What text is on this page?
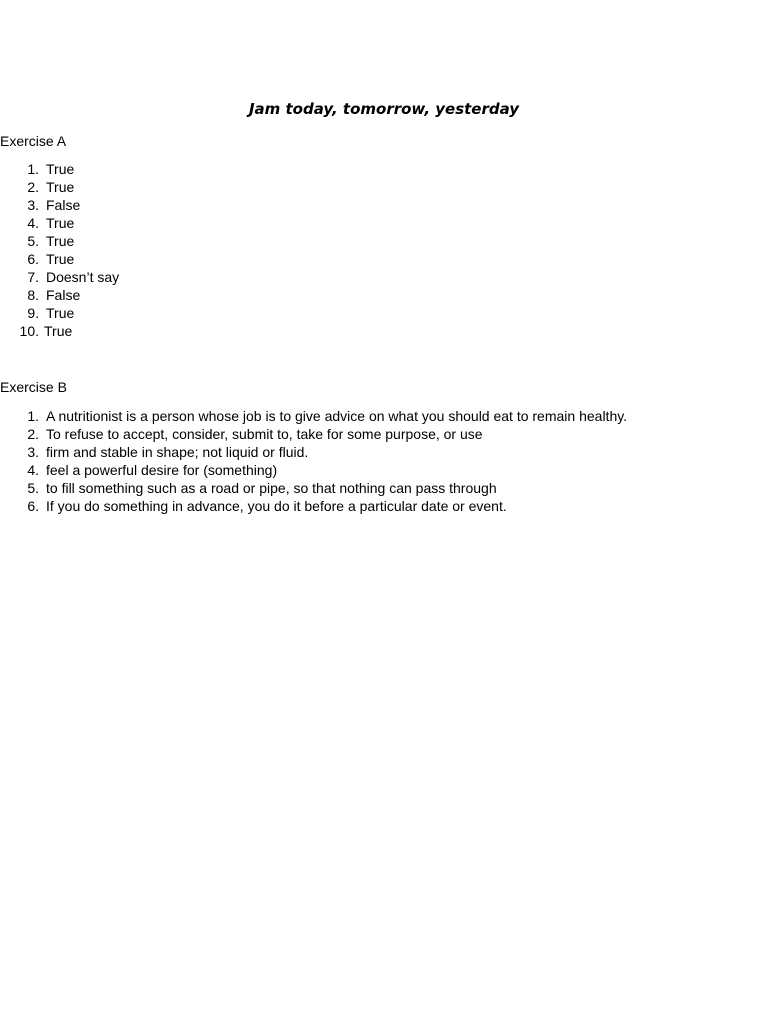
Jam today, tomorrow, yesterday
Exercise A
1. True
2. True
3. False
4. True
5. True
6. True
7. Doesn’t say
8. False
9. True
10. True
Exercise B
1. A nutritionist is a person whose job is to give advice on what you should eat to remain healthy.
2. To refuse to accept, consider, submit to, take for some purpose, or use
3. firm and stable in shape; not liquid or fluid.
4. feel a powerful desire for (something)
5. to fill something such as a road or pipe, so that nothing can pass through
6. If you do something in advance, you do it before a particular date or event.
